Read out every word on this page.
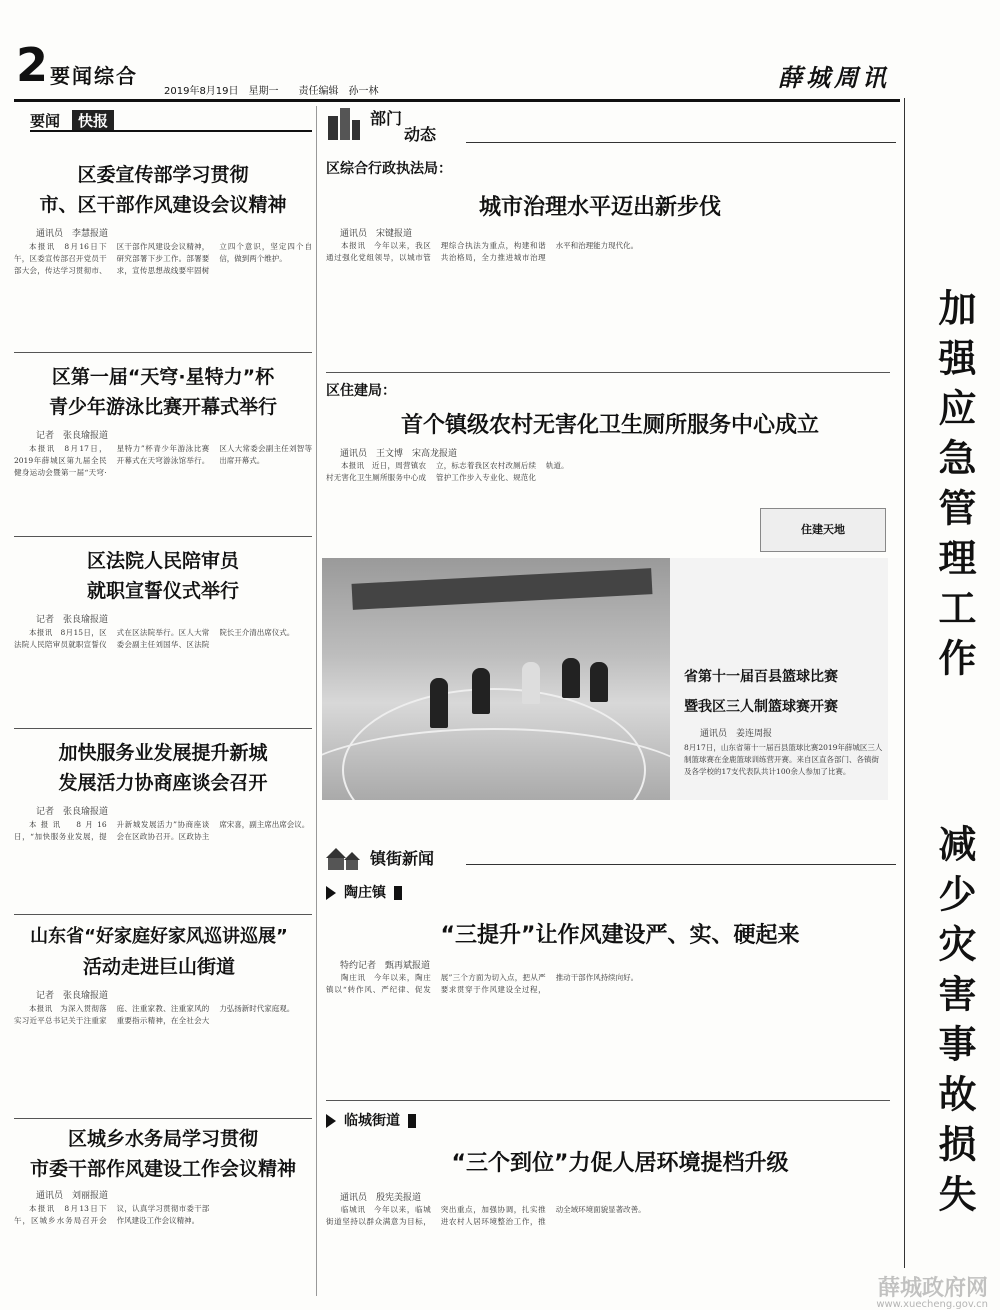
2 要闻综合
2019年8月19日　星期一　　责任编辑　孙一林	薛城周讯
要闻	快报
区委宣传部学习贯彻
市、区干部作风建设会议精神
通讯员　李慧报道

本报讯　8月16日下午，区委宣传部召开党员干部大会，传达学习贯彻市、区干部作风建设会议精神，研究部署下步工作。部署要求，宣传思想战线要牢固树立四个意识，坚定四个自信，做到两个维护。

区第一届“天穹·星特力”杯
青少年游泳比赛开幕式举行
记者　张良瑜报道

本报讯　8月17日，2019年薛城区第九届全民健身运动会暨第一届“天穹·星特力”杯青少年游泳比赛开幕式在天穹游泳馆举行。区人大常委会副主任刘智等出席开幕式。

区法院人民陪审员
就职宣誓仪式举行
记者　张良瑜报道

本报讯　8月15日，区法院人民陪审员就职宣誓仪式在区法院举行。区人大常委会副主任刘国华、区法院院长王介清出席仪式。

加快服务业发展提升新城
发展活力协商座谈会召开
记者　张良瑜报道

本报讯　8月16日，“加快服务业发展，提升新城发展活力”协商座谈会在区政协召开。区政协主席宋喜，副主席出席会议。

山东省“好家庭好家风巡讲巡展”
活动走进巨山街道
记者　张良瑜报道

本报讯　为深入贯彻落实习近平总书记关于注重家庭、注重家教、注重家风的重要指示精神，在全社会大力弘扬新时代家庭观。

区城乡水务局学习贯彻
市委干部作风建设工作会议精神
通讯员　刘丽报道

本报讯　8月13日下午，区城乡水务局召开会议，认真学习贯彻市委干部作风建设工作会议精神。

部门
动态
区综合行政执法局：
城市治理水平迈出新步伐
通讯员　宋键报道

本报讯　今年以来，我区通过强化党组领导，以城市管理综合执法为重点，构建和谐共治格局，全力推进城市治理水平和治理能力现代化。

区住建局：
首个镇级农村无害化卫生厕所服务中心成立
通讯员　王文博　宋高龙报道

本报讯　近日，周营镇农村无害化卫生厕所服务中心成立，标志着我区农村改厕后续管护工作步入专业化、规范化轨道。

住建天地
省第十一届百县篮球比赛
暨我区三人制篮球赛开赛
通讯员　姜连周报
8月17日，山东省第十一届百县篮球比赛2019年薛城区三人制篮球赛在金鹿篮球训练营开赛。来自区直各部门、各镇街及各学校的17支代表队共计100余人参加了比赛。
镇街新闻
陶庄镇
“三提升”让作风建设严、实、硬起来
特约记者　甄再斌报道

陶庄讯　今年以来，陶庄镇以“转作风、严纪律、促发展”三个方面为切入点，把从严要求贯穿于作风建设全过程，推动干部作风持续向好。

临城街道
“三个到位”力促人居环境提档升级
通讯员　殷宪美报道

临城讯　今年以来，临城街道坚持以群众满意为目标，突出重点，加强协调，扎实推进农村人居环境整治工作，推动全域环境面貌显著改善。

加强应急管理工作
减少灾害事故损失
薛城政府网
www.xuecheng.gov.cn
